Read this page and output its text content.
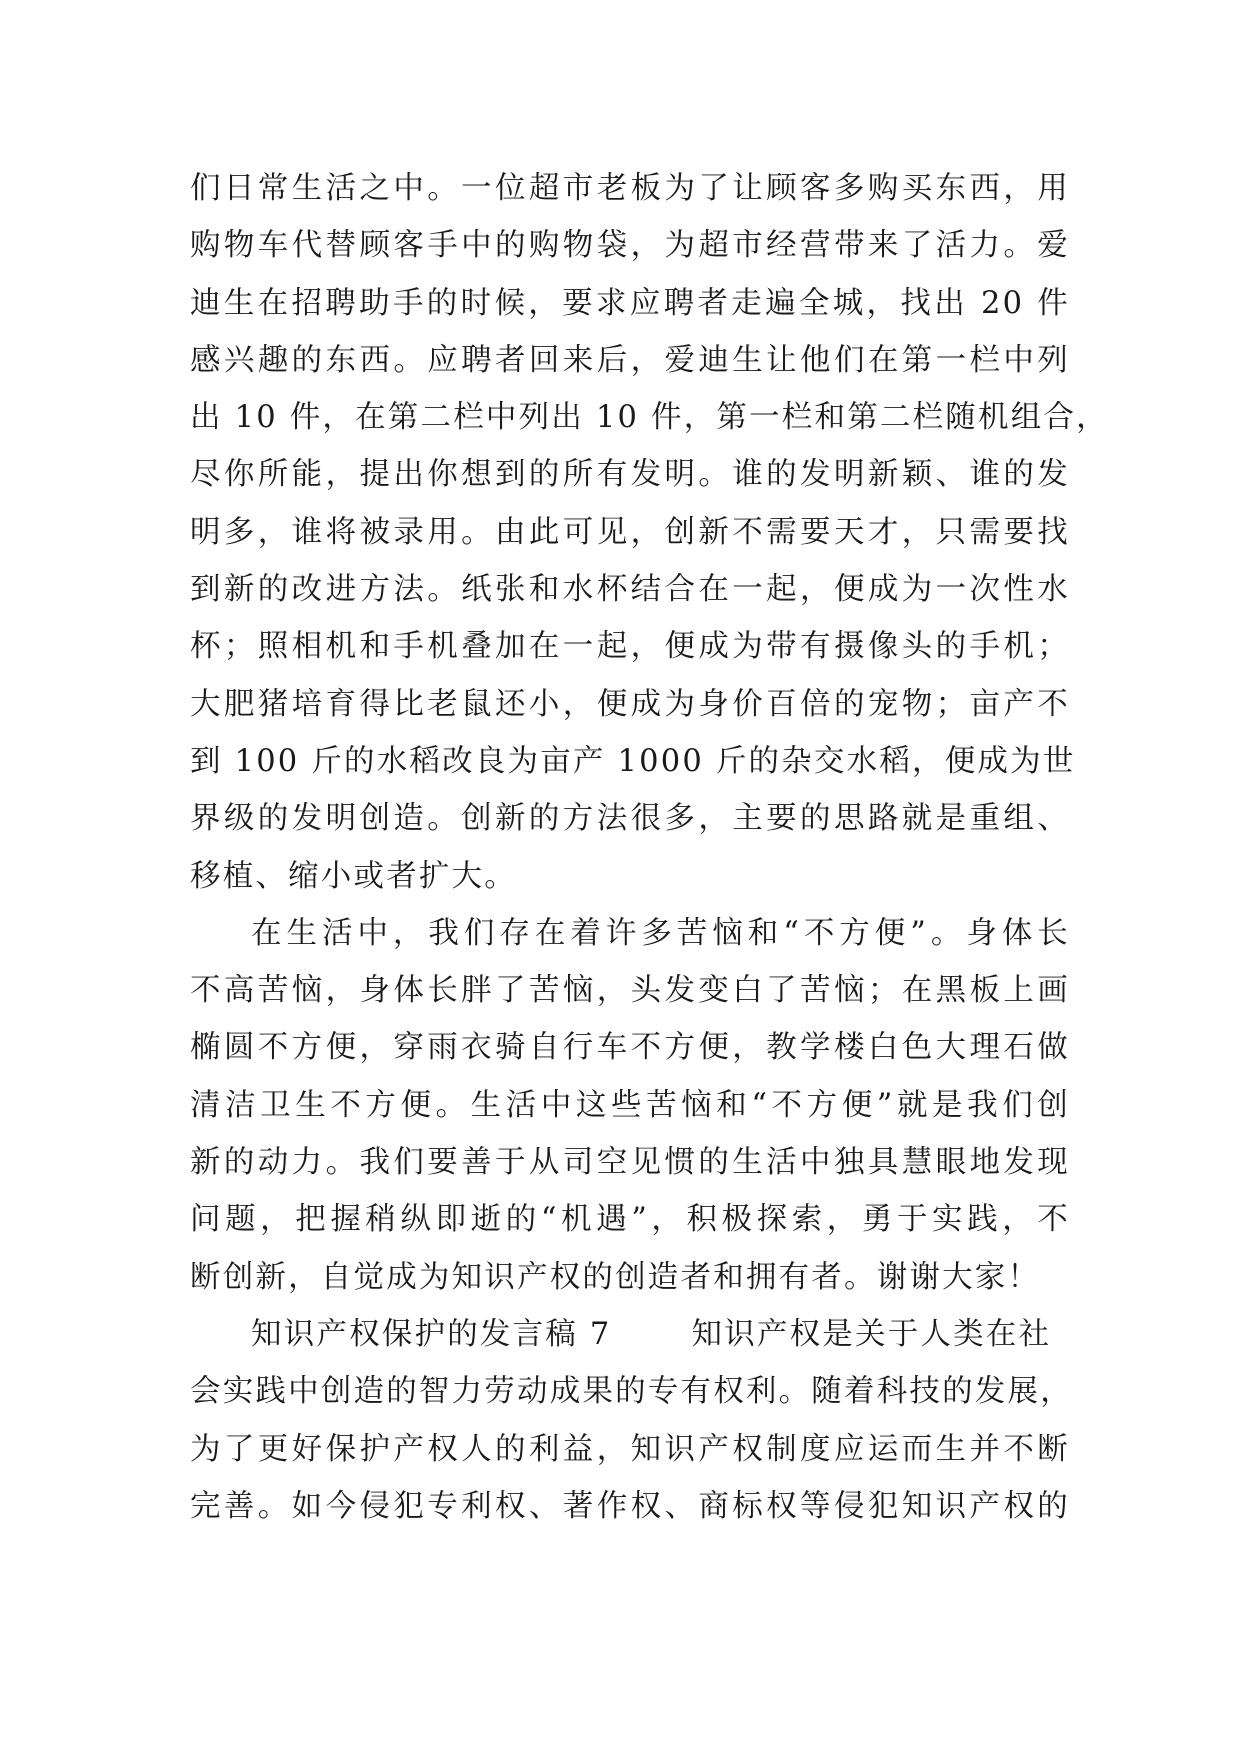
们日常生活之中。一位超市老板为了让顾客多购买东西，用
购物车代替顾客手中的购物袋，为超市经营带来了活力。爱
迪生在招聘助手的时候，要求应聘者走遍全城，找出 20 件
感兴趣的东西。应聘者回来后，爱迪生让他们在第一栏中列
出 10 件，在第二栏中列出 10 件，第一栏和第二栏随机组合，
尽你所能，提出你想到的所有发明。谁的发明新颖、谁的发
明多，谁将被录用。由此可见，创新不需要天才，只需要找
到新的改进方法。纸张和水杯结合在一起，便成为一次性水
杯；照相机和手机叠加在一起，便成为带有摄像头的手机；
大肥猪培育得比老鼠还小，便成为身价百倍的宠物；亩产不
到 100 斤的水稻改良为亩产 1000 斤的杂交水稻，便成为世
界级的发明创造。创新的方法很多，主要的思路就是重组、
移植、缩小或者扩大。
在生活中，我们存在着许多苦恼和“不方便”。身体长
不高苦恼，身体长胖了苦恼，头发变白了苦恼；在黑板上画
椭圆不方便，穿雨衣骑自行车不方便，教学楼白色大理石做
清洁卫生不方便。生活中这些苦恼和“不方便”就是我们创
新的动力。我们要善于从司空见惯的生活中独具慧眼地发现
问题，把握稍纵即逝的“机遇”，积极探索，勇于实践，不
断创新，自觉成为知识产权的创造者和拥有者。谢谢大家！
知识产权保护的发言稿 7	知识产权是关于人类在社
会实践中创造的智力劳动成果的专有权利。随着科技的发展，
为了更好保护产权人的利益，知识产权制度应运而生并不断
完善。如今侵犯专利权、著作权、商标权等侵犯知识产权的
